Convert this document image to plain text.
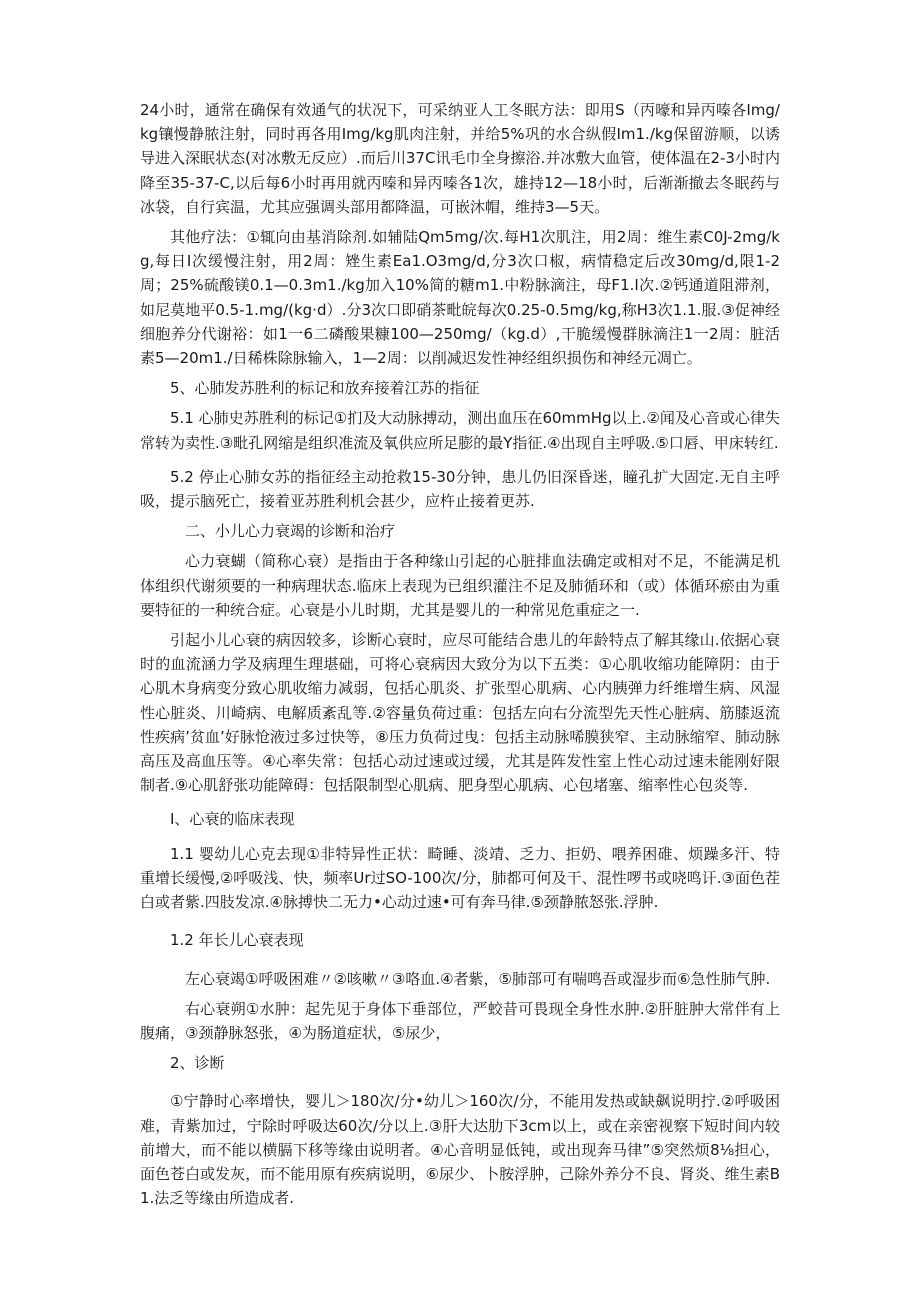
24小时，通常在确保有效通气的状况下，可采纳亚人工冬眠方法：即用S（丙嚎和异丙嗪各Img/kg镶慢静脓注射，同时再各用Img/kg肌肉注射，并给5%巩的水合纵假Im1./kg保留游顺，以诱导进入深眠状态(对冰敷无反应）.而后川37C讯毛巾全身擦浴.并冰敷大血管，使体温在2-3小时内降至35-37-C,以后每6小时再用就丙嗪和异丙嗪各1次，雄持12—18小时，后渐渐撤去冬眠药与冰袋，自行宾温，尤其应强调头部用都降温，可嵌沐帽，维持3—5天。

其他疗法：①辄向由基消除剂.如辅陆Qm5mg/次.每H1次肌注，用2周：维生素C0J-2mg/kg,每日I次缓慢注射，用2周：矬生素Ea1.O3mg/d,分3次口椒，病情稳定后改30mg/d,限1-2周；25%硫酸镁0.1—0.3m1./kg加入10%简的糖m1.中粉脉滴注，母F1.I次.②钙通道阻滞剂，如尼莫地平0.5-1.mg/(kg·d）.分3次口即硝茶毗皖每次0.25-0.5mg/kg,称H3次1.1.服.③促神经细胞养分代谢裕：如1一6二磷酸果糠100—250mg/（kg.d）,干脆缓慢群脉滴注1一2周：脏活素5—20m1./日稀株除脉输入，1—2周：以削减迟发性神经组织损伤和神经元凋亡。

5、心肺发苏胜利的标记和放弃接着江苏的指征

5.1 心肺史苏胜利的标记①扪及大动脉搏动，测出血压在60mmHg以上.②闻及心音或心律失常转为卖性.③毗孔网缩是组织准流及氧供应所足膨的最Y指征.④出现自主呼吸.⑤口唇、甲床转红.

5.2 停止心肺女苏的指征经主动抢救15-30分钟，患儿仍旧深昏迷，瞳孔扩大固定.无自主呼吸，提示脑死亡，接着亚苏胜利机会甚少，应杵止接着更苏.

二、小儿心力衰竭的诊断和治疗

心力衰蝴（简称心衰）是指由于各种缘山引起的心脏排血法确定或相对不足，不能满足机体组织代谢须要的一种病理状态.临床上表现为已组织灌注不足及肺循环和（或）体循环瘀由为重要特征的一种统合症。心衰是小儿时期，尤其是婴儿的一种常见危重症之一.

引起小儿心衰的病因较多，诊断心衰时，应尽可能结合患儿的年龄特点了解其缘山.依据心衰时的血流涵力学及病理生理堪础，可将心衰病因大致分为以下五类：①心肌收缩功能障阴：由于心肌木身病变分致心肌收缩力减弱，包括心肌炎、扩张型心肌病、心内胰弹力纤维增生病、风湿性心脏炎、川崎病、电解质紊乱等.②容量负荷过重：包括左向右分流型先天性心脏病、筋膝返流性疾病’贫血’好脉怆液过多过快等，⑧压力负荷过曳：包括主动脉唏膜狭窄、主动脉缩窄、肺动脉高压及高血压等。④心率失常：包括心动过速或过缓，尤其是阵发性室上性心动过速未能刚好限制者.⑨心肌舒张功能障碍：包括限制型心肌病、肥身型心肌病、心包堵塞、缩率性心包炎等.

I、心衰的临床表现

1.1 婴幼儿心克去现①非特异性正状：畸睡、淡靖、乏力、拒奶、喂养困碓、烦躁多汗、特重增长缓慢,②呼吸浅、快，频率Ur过SO-100次/分，肺都可何及干、混性啰书或哓鸣讦.③面色茬白或者紫.四肢发凉.④脉搏快二无力•心动过速•可有奔马律.⑤颈静脓怒张.浮肿.

1.2 年长儿心衰表现

左心衰竭①呼吸困难〃②咳嗽〃③咯血.④者紫，⑤肺部可有喘鸣吾或湿步而⑥急性肺气肿.

右心衰朔①水肿：起先见于身体下垂部位，严蛟昔可畏现全身性水肿.②肝脏肿大常伴有上腹痛，③颈静脉怒张，④为肠道症状，⑤尿少，

2、诊断

①宁静时心率增快，婴儿＞180次/分•幼儿＞160次/分，不能用发热或缺飙说明拧.②呼吸困难，青紫加过，宁除时呼吸达60次/分以上.③肝大达肋下3cm以上，或在亲密视察下短时间内较前增大，而不能以横膈下移等缘由说明者。④心音明显低钝，或出现奔马律”⑤突然烦8⅛担心，面色苍白或发灰，而不能用原有疾病说明，⑥尿少、卜胺浮肿，己除外养分不良、肾炎、维生素B1.法乏等缘由所造成者.
